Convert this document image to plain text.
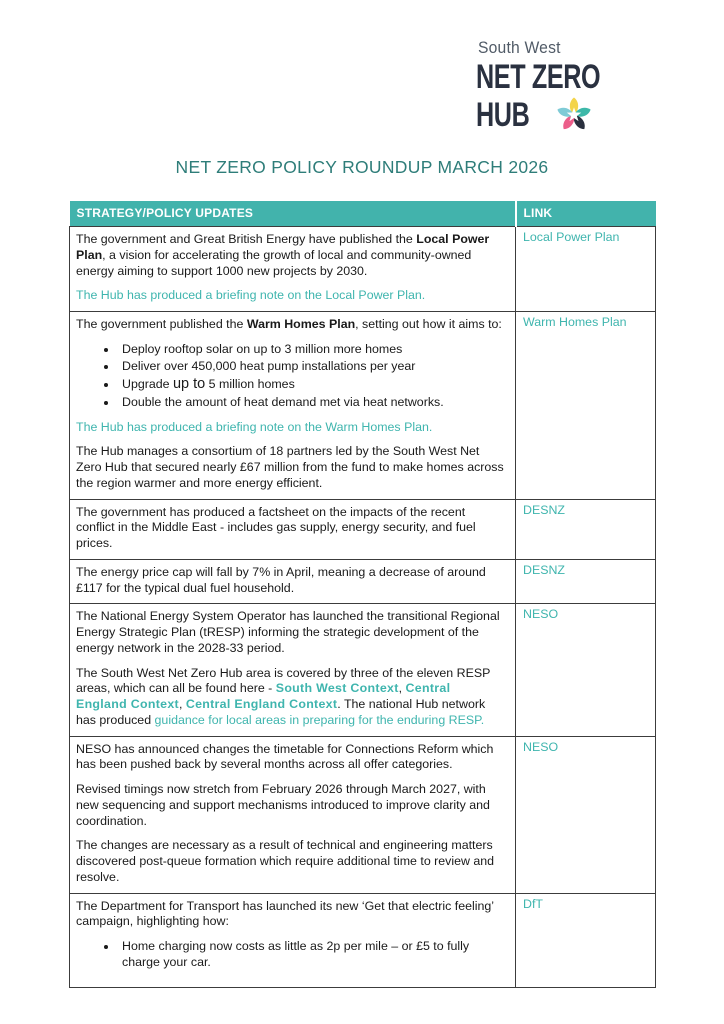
South West
NET ZERO
HUB
NET ZERO POLICY ROUNDUP MARCH 2026
STRATEGY/POLICY UPDATES	LINK

The government and Great British Energy have published the Local Power Plan, a vision for accelerating the growth of local and community-owned energy aiming to support 1000 new projects by 2030.

The Hub has produced a briefing note on the Local Power Plan.	Local Power Plan

The government published the Warm Homes Plan, setting out how it aims to:

• Deploy rooftop solar on up to 3 million more homes
• Deliver over 450,000 heat pump installations per year
• Upgrade up to 5 million homes
• Double the amount of heat demand met via heat networks.

The Hub has produced a briefing note on the Warm Homes Plan.

The Hub manages a consortium of 18 partners led by the South West Net Zero Hub that secured nearly £67 million from the fund to make homes across the region warmer and more energy efficient.

	Warm Homes Plan

The government has produced a factsheet on the impacts of the recent conflict in the Middle East - includes gas supply, energy security, and fuel prices.	DESNZ

The energy price cap will fall by 7% in April, meaning a decrease of around £117 for the typical dual fuel household.	DESNZ

The National Energy System Operator has launched the transitional Regional Energy Strategic Plan (tRESP) informing the strategic development of the energy network in the 2028-33 period.

The South West Net Zero Hub area is covered by three of the eleven RESP areas, which can all be found here - South West Context, Central England Context, Central England Context. The national Hub network has produced guidance for local areas in preparing for the enduring RESP.	NESO

NESO has announced changes the timetable for Connections Reform which has been pushed back by several months across all offer categories.

Revised timings now stretch from February 2026 through March 2027, with new sequencing and support mechanisms introduced to improve clarity and coordination.

The changes are necessary as a result of technical and engineering matters discovered post-queue formation which require additional time to review and resolve.	NESO

The Department for Transport has launched its new ‘Get that electric feeling’ campaign, highlighting how:

• Home charging now costs as little as 2p per mile – or £5 to fully charge your car.
	DfT
